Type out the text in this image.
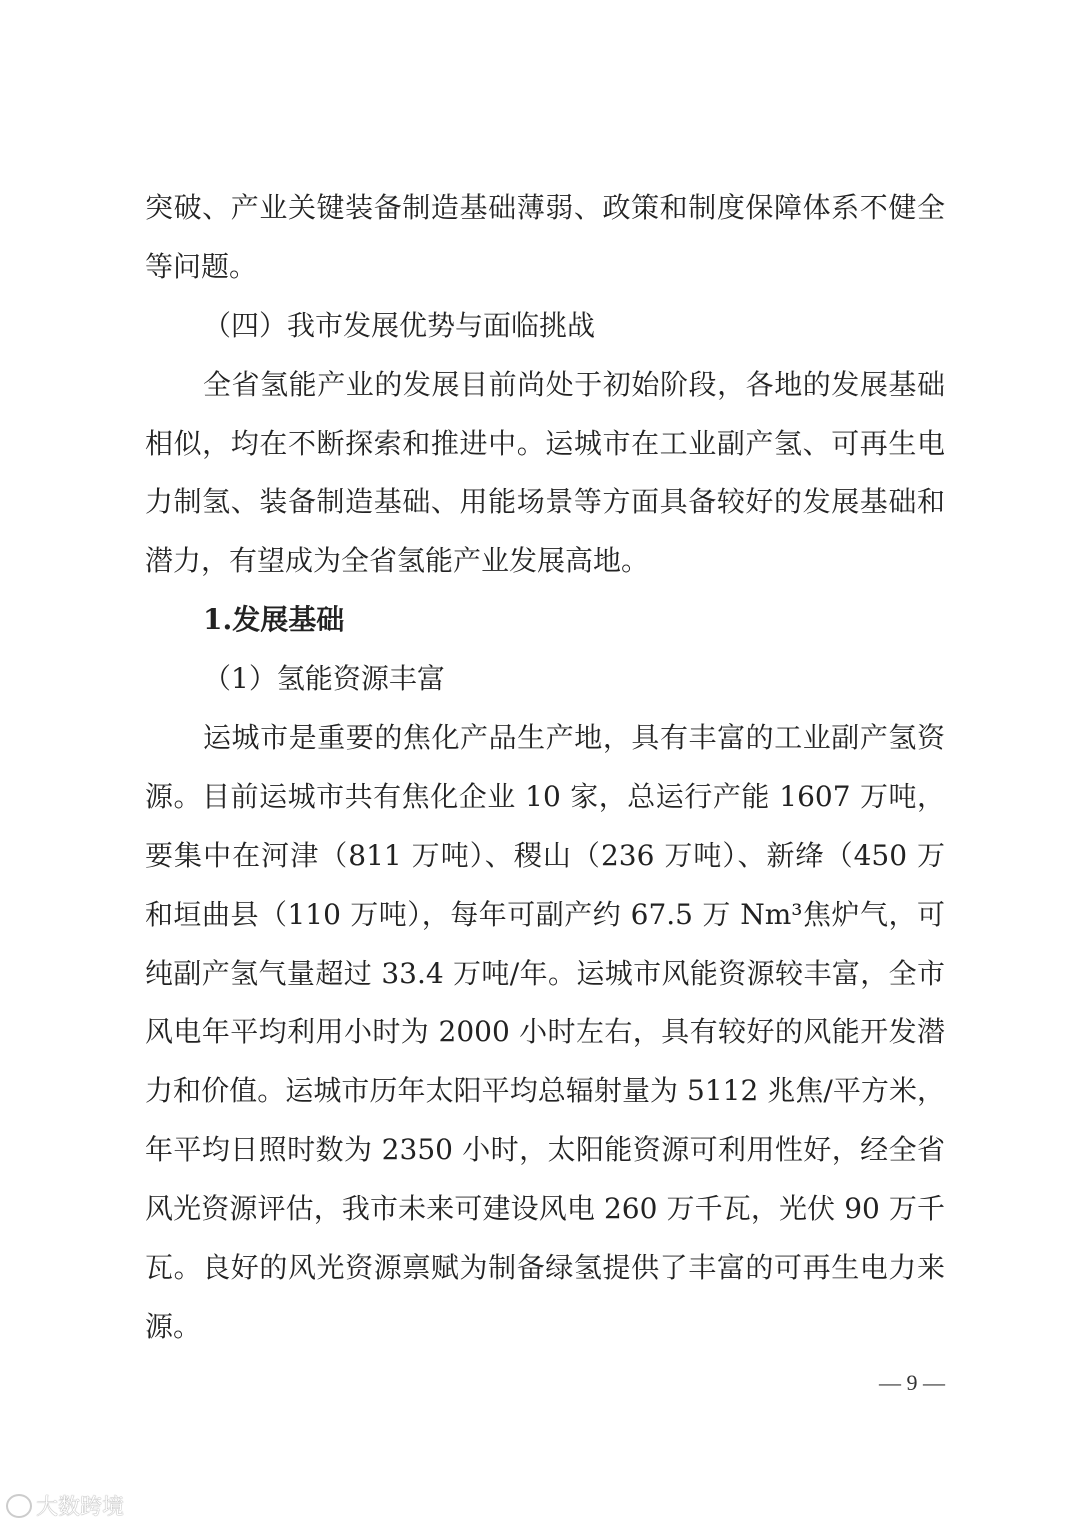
突破、产业关键装备制造基础薄弱、政策和制度保障体系不健全
等问题。
（四）我市发展优势与面临挑战
全省氢能产业的发展目前尚处于初始阶段，各地的发展基础
相似，均在不断探索和推进中。运城市在工业副产氢、可再生电
力制氢、装备制造基础、用能场景等方面具备较好的发展基础和
潜力，有望成为全省氢能产业发展高地。
1.发展基础
（1）氢能资源丰富
运城市是重要的焦化产品生产地，具有丰富的工业副产氢资
源。目前运城市共有焦化企业 10 家，总运行产能 1607 万吨，
要集中在河津（811 万吨）、稷山（236 万吨）、新绛（450 万
和垣曲县（110 万吨），每年可副产约 67.5 万 Nm³焦炉气，可
纯副产氢气量超过 33.4 万吨/年。运城市风能资源较丰富，全市
风电年平均利用小时为 2000 小时左右，具有较好的风能开发潜
力和价值。运城市历年太阳平均总辐射量为 5112 兆焦/平方米，
年平均日照时数为 2350 小时，太阳能资源可利用性好，经全省
风光资源评估，我市未来可建设风电 260 万千瓦，光伏 90 万千
瓦。良好的风光资源禀赋为制备绿氢提供了丰富的可再生电力来
源。
— 9 —
大数跨境
